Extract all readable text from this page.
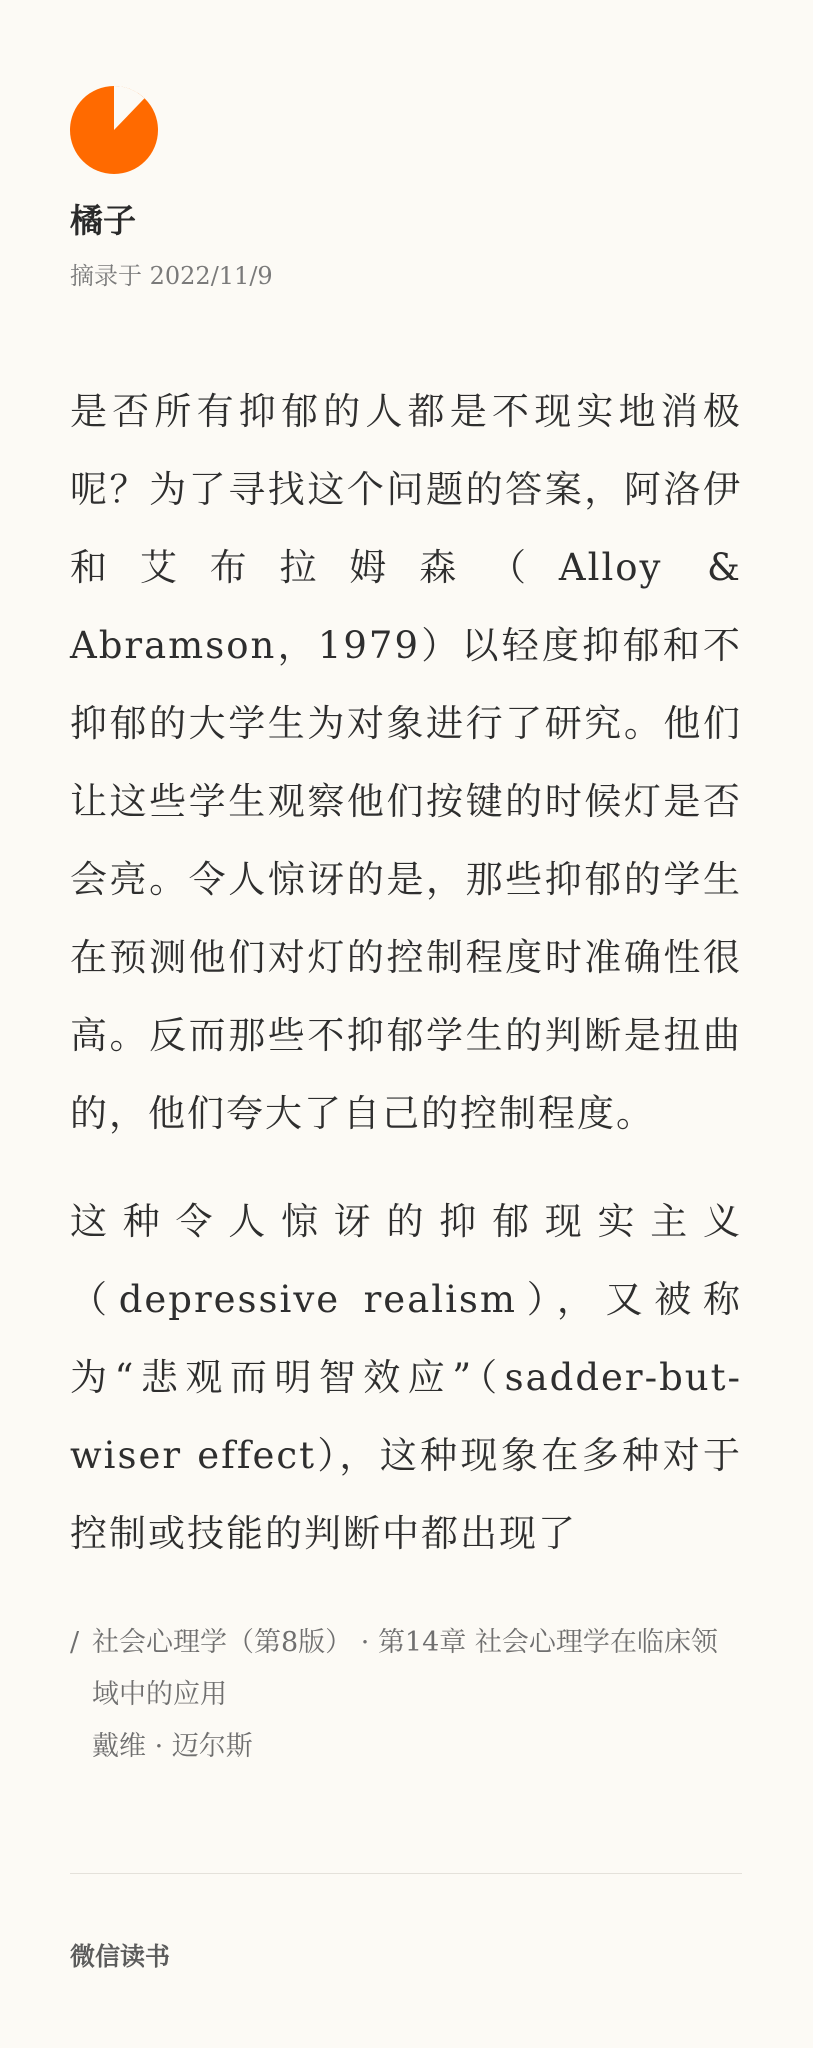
橘子
摘录于 2022/11/9

是否所有抑郁的人都是不现实地消极呢？为了寻找这个问题的答案，阿洛伊和艾布拉姆森（Alloy & Abramson，1979）以轻度抑郁和不抑郁的大学生为对象进行了研究。他们让这些学生观察他们按键的时候灯是否会亮。令人惊讶的是，那些抑郁的学生在预测他们对灯的控制程度时准确性很高。反而那些不抑郁学生的判断是扭曲的，他们夸大了自己的控制程度。

这种令人惊讶的抑郁现实主义（depressive realism），又被称为“悲观而明智效应”（sadder-but-wiser effect），这种现象在多种对于控制或技能的判断中都出现了

/ 社会心理学（第8版） · 第14章 社会心理学在临床领域中的应用
戴维 · 迈尔斯
微信读书
